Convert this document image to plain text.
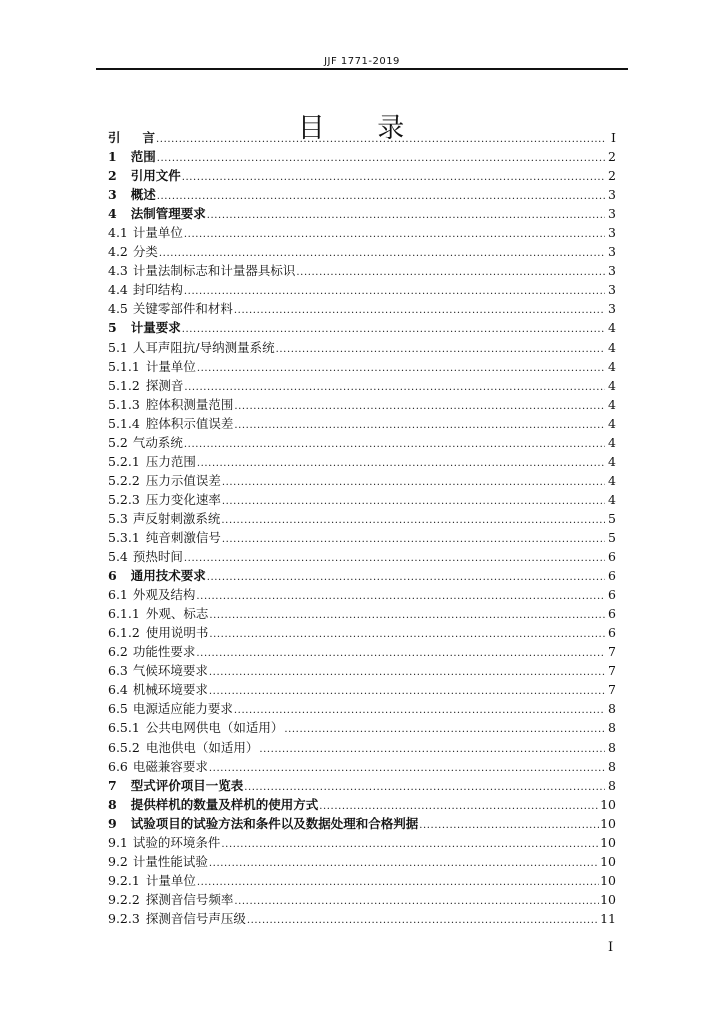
JJF 1771-2019
目 录
引 言 .....	I
1 范围 .....	2
2 引用文件 .....	2
3 概述 .....	3
4 法制管理要求 .....	3
4.1 计量单位 .....	3
4.2 分类 .....	3
4.3 计量法制标志和计量器具标识 .....	3
4.4 封印结构 .....	3
4.5 关键零部件和材料 .....	3
5 计量要求 .....	4
5.1 人耳声阻抗/导纳测量系统 .....	4
5.1.1 计量单位 .....	4
5.1.2 探测音 .....	4
5.1.3 腔体积测量范围 .....	4
5.1.4 腔体积示值误差 .....	4
5.2 气动系统 .....	4
5.2.1 压力范围 .....	4
5.2.2 压力示值误差 .....	4
5.2.3 压力变化速率 .....	4
5.3 声反射刺激系统 .....	5
5.3.1 纯音刺激信号 .....	5
5.4 预热时间 .....	6
6 通用技术要求 .....	6
6.1 外观及结构 .....	6
6.1.1 外观、标志 .....	6
6.1.2 使用说明书 .....	6
6.2 功能性要求 .....	7
6.3 气候环境要求 .....	7
6.4 机械环境要求 .....	7
6.5 电源适应能力要求 .....	8
6.5.1 公共电网供电（如适用） .....	8
6.5.2 电池供电（如适用） .....	8
6.6 电磁兼容要求 .....	8
7 型式评价项目一览表 .....	8
8 提供样机的数量及样机的使用方式 .....	10
9 试验项目的试验方法和条件以及数据处理和合格判据 .....	10
9.1 试验的环境条件 .....	10
9.2 计量性能试验 .....	10
9.2.1 计量单位 .....	10
9.2.2 探测音信号频率 .....	10
9.2.3 探测音信号声压级 .....	11
I
